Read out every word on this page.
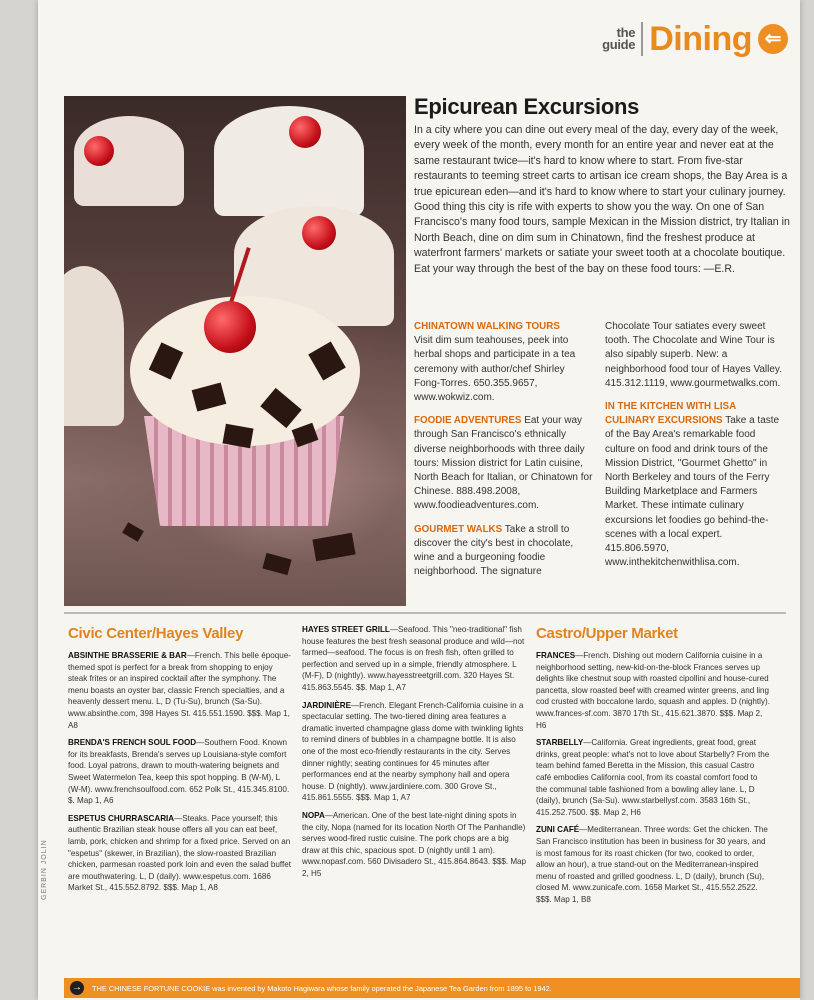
the
guide Dining ⇐
Epicurean Excursions
In a city where you can dine out every meal of the day, every day of the week, every week of the month, every month for an entire year and never eat at the same restaurant twice—it's hard to know where to start. From five-star restaurants to teeming street carts to artisan ice cream shops, the Bay Area is a true epicurean eden—and it's hard to know where to start your culinary journey. Good thing this city is rife with experts to show you the way. On one of San Francisco's many food tours, sample Mexican in the Mission district, try Italian in North Beach, dine on dim sum in Chinatown, find the freshest produce at waterfront farmers' markets or satiate your sweet tooth at a chocolate boutique. Eat your way through the best of the bay on these food tours: —E.R.
CHINATOWN WALKING TOURS
Visit dim sum teahouses, peek into herbal shops and participate in a tea ceremony with author/chef Shirley Fong-Torres. 650.355.9657, www.wokwiz.com.
FOODIE ADVENTURES Eat your way through San Francisco's ethnically diverse neighborhoods with three daily tours: Mission district for Latin cuisine, North Beach for Italian, or Chinatown for Chinese. 888.498.2008, www.foodieadventures.com.
GOURMET WALKS Take a stroll to discover the city's best in chocolate, wine and a burgeoning foodie neighborhood. The signature
Chocolate Tour satiates every sweet tooth. The Chocolate and Wine Tour is also sipably superb. New: a neighborhood food tour of Hayes Valley. 415.312.1119, www.gourmetwalks.com.
IN THE KITCHEN WITH LISA CULINARY EXCURSIONS Take a taste of the Bay Area's remarkable food culture on food and drink tours of the Mission District, "Gourmet Ghetto" in North Berkeley and tours of the Ferry Building Marketplace and Farmers Market. These intimate culinary excursions let foodies go behind-the-scenes with a local expert. 415.806.5970, www.inthekitchenwithlisa.com.
Civic Center/Hayes Valley
ABSINTHE BRASSERIE & BAR—French. This belle époque-themed spot is perfect for a break from shopping to enjoy steak frites or an inspired cocktail after the symphony. The menu boasts an oyster bar, classic French specialties, and a heavenly dessert menu. L, D (Tu-Su), brunch (Sa-Su). www.absinthe.com, 398 Hayes St. 415.551.1590. $$$. Map 1, A8
BRENDA'S FRENCH SOUL FOOD—Southern Food. Known for its breakfasts, Brenda's serves up Louisiana-style comfort food. Loyal patrons, drawn to mouth-watering beignets and Sweet Watermelon Tea, keep this spot hopping. B (W-M), L (W-M). www.frenchsoulfood.com. 652 Polk St., 415.345.8100. $. Map 1, A6
ESPETUS CHURRASCARIA—Steaks. Pace yourself; this authentic Brazilian steak house offers all you can eat beef, lamb, pork, chicken and shrimp for a fixed price. Served on an "espetus" (skewer, in Brazilian), the slow-roasted Brazilian chicken, parmesan roasted pork loin and even the salad buffet are mouthwatering. L, D (daily). www.espetus.com. 1686 Market St., 415.552.8792. $$$. Map 1, A8
HAYES STREET GRILL—Seafood. This "neo-traditional" fish house features the best fresh seasonal produce and wild—not farmed—seafood. The focus is on fresh fish, often grilled to perfection and served up in a simple, friendly atmosphere. L (M-F), D (nightly). www.hayesstreetgrill.com. 320 Hayes St. 415.863.5545. $$. Map 1, A7
JARDINIÈRE—French. Elegant French-California cuisine in a spectacular setting. The two-tiered dining area features a dramatic inverted champagne glass dome with twinkling lights to remind diners of bubbles in a champagne bottle. It is also one of the most eco-friendly restaurants in the city. Serves dinner nightly; seating continues for 45 minutes after performances end at the nearby symphony hall and opera house. D (nightly). www.jardiniere.com. 300 Grove St., 415.861.5555. $$$. Map 1, A7
NOPA—American. One of the best late-night dining spots in the city, Nopa (named for its location North Of The Panhandle) serves wood-fired rustic cuisine. The pork chops are a big draw at this chic, spacious spot. D (nightly until 1 am). www.nopasf.com. 560 Divisadero St., 415.864.8643. $$$. Map 2, H5
Castro/Upper Market
FRANCES—French. Dishing out modern California cuisine in a neighborhood setting, new-kid-on-the-block Frances serves up delights like chestnut soup with roasted cipollini and house-cured pancetta, slow roasted beef with creamed winter greens, and ling cod crusted with boccalone lardo, squash and apples. D (nightly). www.frances-sf.com. 3870 17th St., 415.621.3870. $$$. Map 2, H6
STARBELLY—California. Great ingredients, great food, great drinks, great people: what's not to love about Starbelly? From the team behind famed Beretta in the Mission, this casual Castro café embodies California cool, from its coastal comfort food to the communal table fashioned from a bowling alley lane. L, D (daily), brunch (Sa-Su). www.starbellysf.com. 3583 16th St., 415.252.7500. $$. Map 2, H6
ZUNI CAFÉ—Mediterranean. Three words: Get the chicken. The San Francisco institution has been in business for 30 years, and is most famous for its roast chicken (for two, cooked to order, allow an hour), a true stand-out on the Mediterranean-inspired menu of roasted and grilled goodness. L, D (daily), brunch (Su), closed M. www.zunicafe.com. 1658 Market St., 415.552.2522. $$$. Map 1, B8
GERBIN JOLIN
→ THE CHINESE FORTUNE COOKIE was invented by Makoto Hagiwara whose family operated the Japanese Tea Garden from 1895 to 1942.
